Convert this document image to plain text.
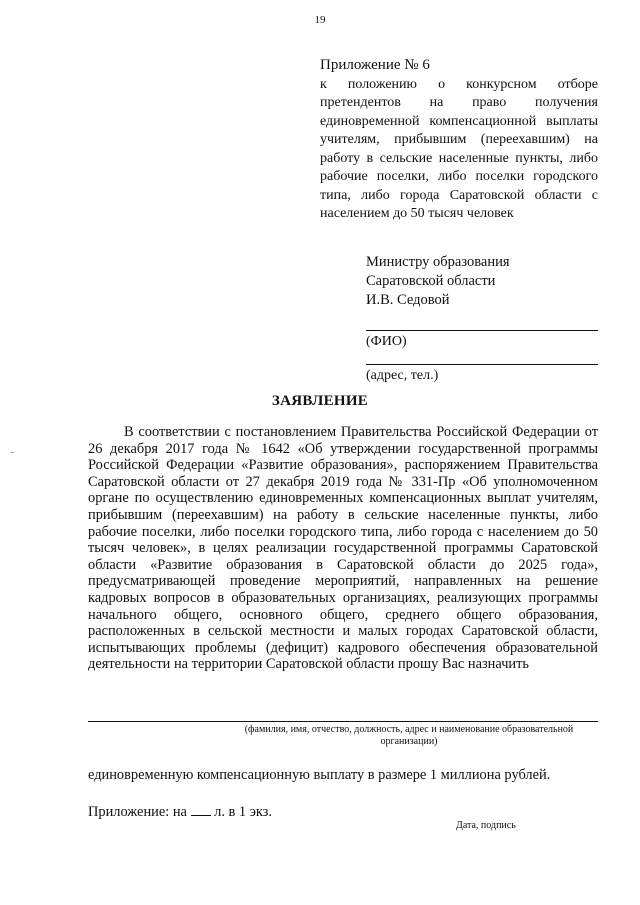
19
Приложение № 6
к положению о конкурсном отборе претендентов на право получения единовременной компенсационной выплаты учителям, прибывшим (переехавшим) на работу в сельские населенные пункты, либо рабочие поселки, либо поселки городского типа, либо города Саратовской области с населением до 50 тысяч человек
Министру образования
Саратовской области
И.В. Седовой
(ФИО)
(адрес, тел.)
ЗАЯВЛЕНИЕ
В соответствии с постановлением Правительства Российской Федерации от 26 декабря 2017 года № 1642 «Об утверждении государственной программы Российской Федерации «Развитие образования», распоряжением Правительства Саратовской области от 27 декабря 2019 года № 331-Пр «Об уполномоченном органе по осуществлению единовременных компенсационных выплат учителям, прибывшим (переехавшим) на работу в сельские населенные пункты, либо рабочие поселки, либо поселки городского типа, либо города с населением до 50 тысяч человек», в целях реализации государственной программы Саратовской области «Развитие образования в Саратовской области до 2025 года», предусматривающей проведение мероприятий, направленных на решение кадровых вопросов в образовательных организациях, реализующих программы начального общего, основного общего, среднего общего образования, расположенных в сельской местности и малых городах Саратовской области, испытывающих проблемы (дефицит) кадрового обеспечения образовательной деятельности на территории Саратовской области прошу Вас назначить
(фамилия, имя, отчество, должность, адрес и наименование образовательной организации)
единовременную компенсационную выплату в размере 1 миллиона рублей.
Приложение: на л. в 1 экз.
Дата, подпись
